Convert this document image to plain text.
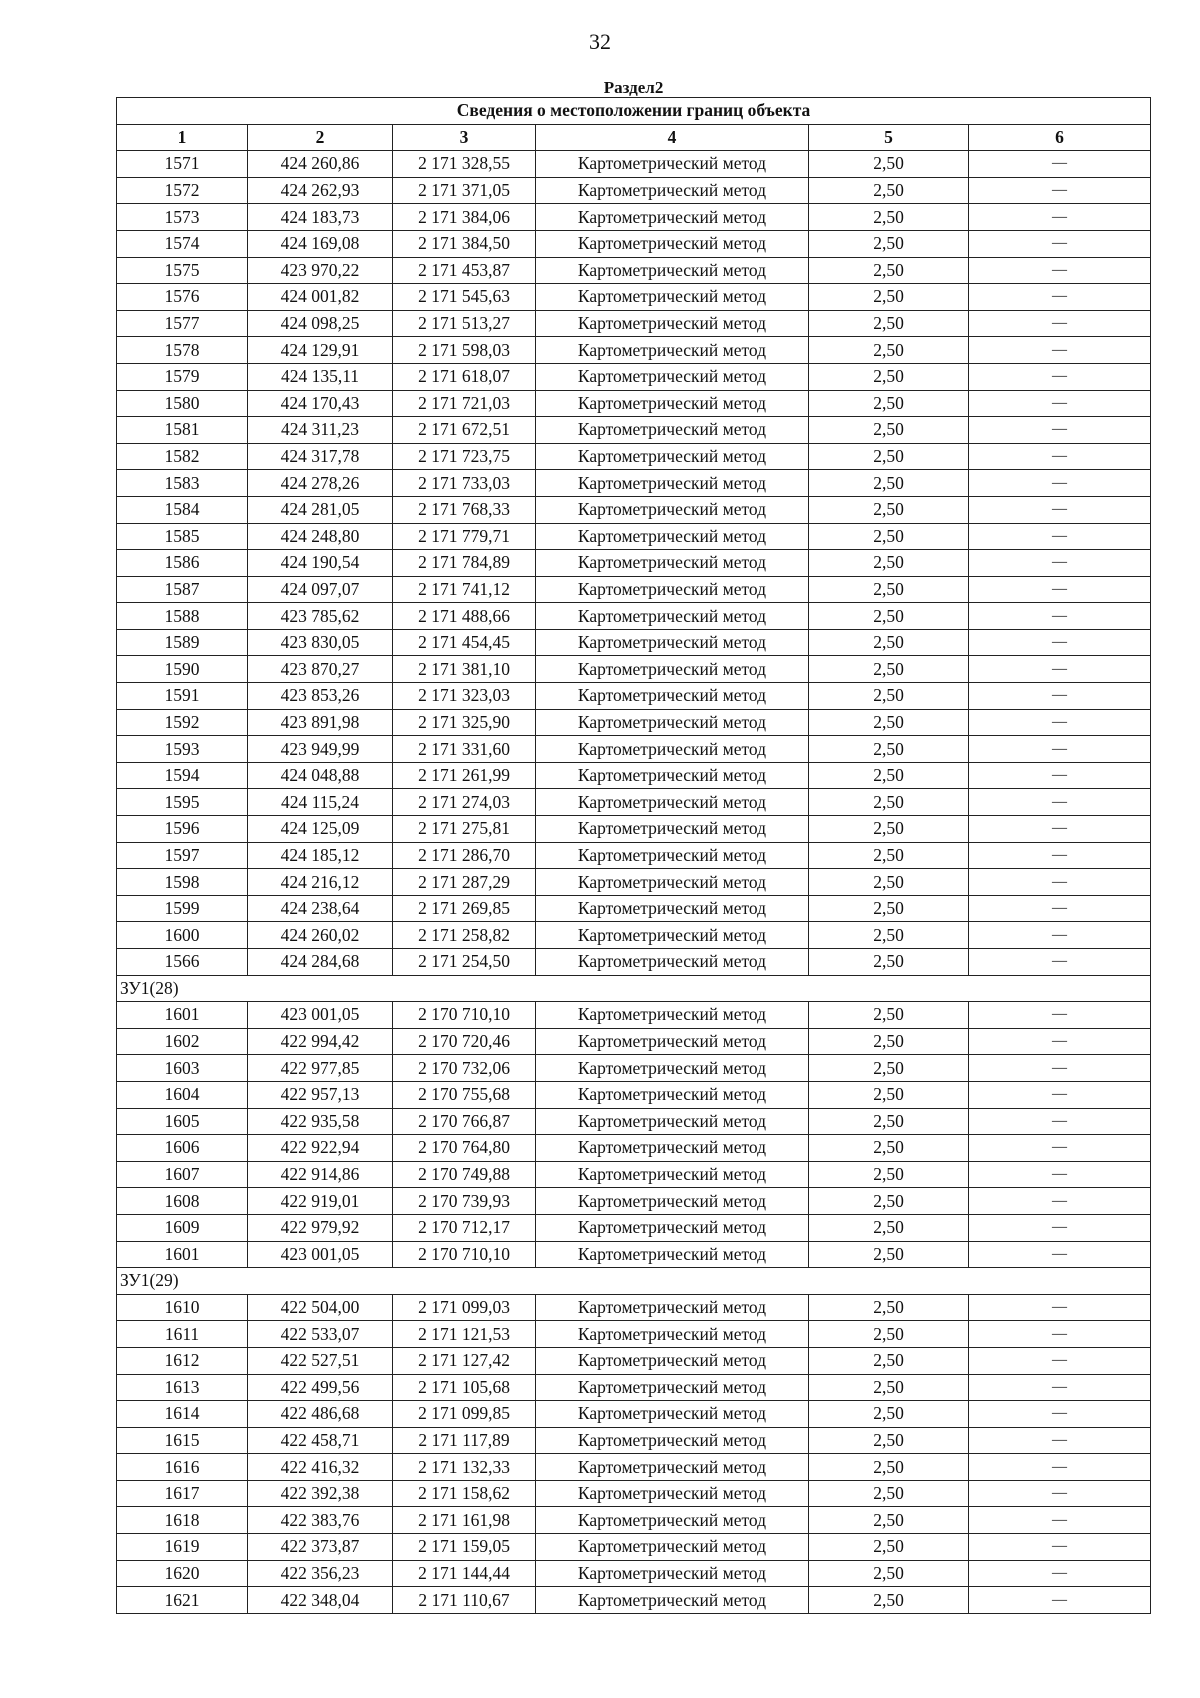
32
Раздел2					
Сведения о местоположении границ объекта					
1	2	3	4	5	6
1571	424 260,86	2 171 328,55	Картометрический метод	2,50	—
1572	424 262,93	2 171 371,05	Картометрический метод	2,50	—
1573	424 183,73	2 171 384,06	Картометрический метод	2,50	—
1574	424 169,08	2 171 384,50	Картометрический метод	2,50	—
1575	423 970,22	2 171 453,87	Картометрический метод	2,50	—
1576	424 001,82	2 171 545,63	Картометрический метод	2,50	—
1577	424 098,25	2 171 513,27	Картометрический метод	2,50	—
1578	424 129,91	2 171 598,03	Картометрический метод	2,50	—
1579	424 135,11	2 171 618,07	Картометрический метод	2,50	—
1580	424 170,43	2 171 721,03	Картометрический метод	2,50	—
1581	424 311,23	2 171 672,51	Картометрический метод	2,50	—
1582	424 317,78	2 171 723,75	Картометрический метод	2,50	—
1583	424 278,26	2 171 733,03	Картометрический метод	2,50	—
1584	424 281,05	2 171 768,33	Картометрический метод	2,50	—
1585	424 248,80	2 171 779,71	Картометрический метод	2,50	—
1586	424 190,54	2 171 784,89	Картометрический метод	2,50	—
1587	424 097,07	2 171 741,12	Картометрический метод	2,50	—
1588	423 785,62	2 171 488,66	Картометрический метод	2,50	—
1589	423 830,05	2 171 454,45	Картометрический метод	2,50	—
1590	423 870,27	2 171 381,10	Картометрический метод	2,50	—
1591	423 853,26	2 171 323,03	Картометрический метод	2,50	—
1592	423 891,98	2 171 325,90	Картометрический метод	2,50	—
1593	423 949,99	2 171 331,60	Картометрический метод	2,50	—
1594	424 048,88	2 171 261,99	Картометрический метод	2,50	—
1595	424 115,24	2 171 274,03	Картометрический метод	2,50	—
1596	424 125,09	2 171 275,81	Картометрический метод	2,50	—
1597	424 185,12	2 171 286,70	Картометрический метод	2,50	—
1598	424 216,12	2 171 287,29	Картометрический метод	2,50	—
1599	424 238,64	2 171 269,85	Картометрический метод	2,50	—
1600	424 260,02	2 171 258,82	Картометрический метод	2,50	—
1566	424 284,68	2 171 254,50	Картометрический метод	2,50	—
ЗУ1(28)					
1601	423 001,05	2 170 710,10	Картометрический метод	2,50	—
1602	422 994,42	2 170 720,46	Картометрический метод	2,50	—
1603	422 977,85	2 170 732,06	Картометрический метод	2,50	—
1604	422 957,13	2 170 755,68	Картометрический метод	2,50	—
1605	422 935,58	2 170 766,87	Картометрический метод	2,50	—
1606	422 922,94	2 170 764,80	Картометрический метод	2,50	—
1607	422 914,86	2 170 749,88	Картометрический метод	2,50	—
1608	422 919,01	2 170 739,93	Картометрический метод	2,50	—
1609	422 979,92	2 170 712,17	Картометрический метод	2,50	—
1601	423 001,05	2 170 710,10	Картометрический метод	2,50	—
ЗУ1(29)					
1610	422 504,00	2 171 099,03	Картометрический метод	2,50	—
1611	422 533,07	2 171 121,53	Картометрический метод	2,50	—
1612	422 527,51	2 171 127,42	Картометрический метод	2,50	—
1613	422 499,56	2 171 105,68	Картометрический метод	2,50	—
1614	422 486,68	2 171 099,85	Картометрический метод	2,50	—
1615	422 458,71	2 171 117,89	Картометрический метод	2,50	—
1616	422 416,32	2 171 132,33	Картометрический метод	2,50	—
1617	422 392,38	2 171 158,62	Картометрический метод	2,50	—
1618	422 383,76	2 171 161,98	Картометрический метод	2,50	—
1619	422 373,87	2 171 159,05	Картометрический метод	2,50	—
1620	422 356,23	2 171 144,44	Картометрический метод	2,50	—
1621	422 348,04	2 171 110,67	Картометрический метод	2,50	—
